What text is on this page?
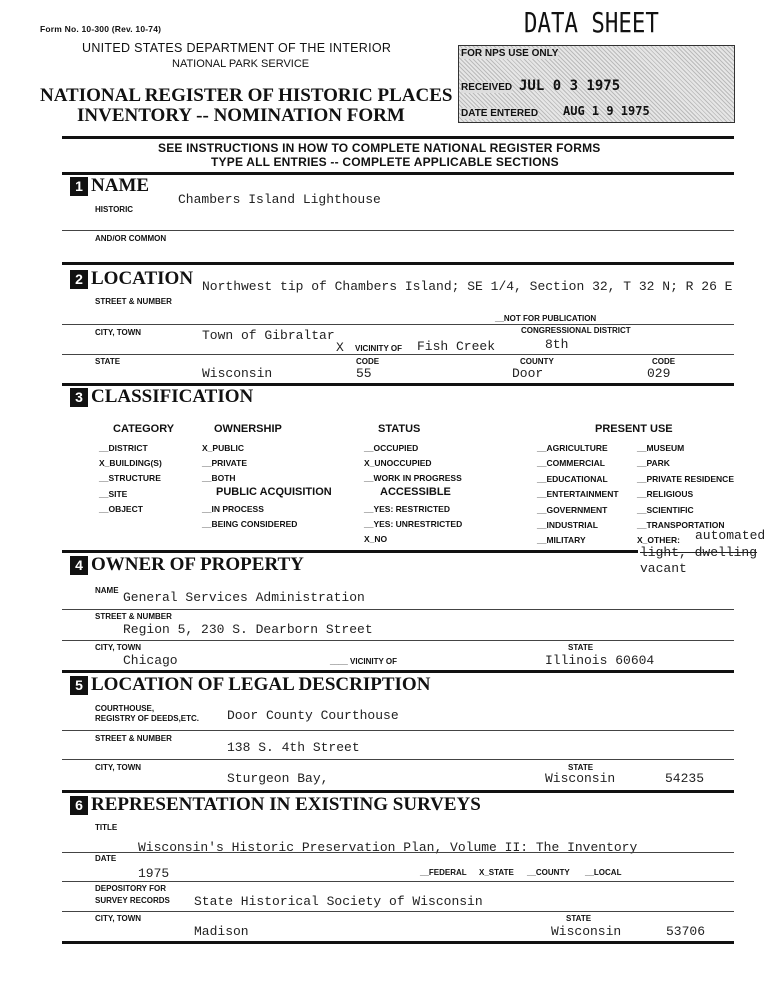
Form No. 10-300 (Rev. 10-74)
UNITED STATES DEPARTMENT OF THE INTERIOR
NATIONAL PARK SERVICE
NATIONAL REGISTER OF HISTORIC PLACES
INVENTORY -- NOMINATION FORM
DATA SHEET
FOR NPS USE ONLY
RECEIVED JUL 0 3 1975
DATE ENTERED AUG 1 9 1975
SEE INSTRUCTIONS IN HOW TO COMPLETE NATIONAL REGISTER FORMS
TYPE ALL ENTRIES -- COMPLETE APPLICABLE SECTIONS
1 NAME
HISTORIC
Chambers Island Lighthouse
AND/OR COMMON
2 LOCATION
STREET & NUMBER
Northwest tip of Chambers Island; SE 1/4, Section 32, T 32 N; R 26 E
__NOT FOR PUBLICATION
CITY, TOWN	Town of Gibraltar
X VICINITY OF Fish Creek
CONGRESSIONAL DISTRICT
8th
STATE
Wisconsin
CODE
55
COUNTY
Door
CODE
029
3 CLASSIFICATION
CATEGORY
__DISTRICT
X_BUILDING(S)
__STRUCTURE
__SITE
__OBJECT
OWNERSHIP
X_PUBLIC
__PRIVATE
__BOTH
PUBLIC ACQUISITION
__IN PROCESS
__BEING CONSIDERED
STATUS
__OCCUPIED
X_UNOCCUPIED
__WORK IN PROGRESS
ACCESSIBLE
__YES: RESTRICTED
__YES: UNRESTRICTED
X_NO
PRESENT USE
__AGRICULTURE
__COMMERCIAL
__EDUCATIONAL
__ENTERTAINMENT
__GOVERNMENT
__INDUSTRIAL
__MILITARY
__MUSEUM
__PARK
__PRIVATE RESIDENCE
__RELIGIOUS
__SCIENTIFIC
__TRANSPORTATION
X_OTHER:	automated
light, dwelling
vacant
4 OWNER OF PROPERTY
NAME General Services Administration
STREET & NUMBER
Region 5, 230 S. Dearborn Street
CITY, TOWN
Chicago	____ VICINITY OF
STATE
Illinois 60604
5 LOCATION OF LEGAL DESCRIPTION
COURTHOUSE,
REGISTRY OF DEEDS,ETC. Door County Courthouse
STREET & NUMBER
138 S. 4th Street
CITY, TOWN
Sturgeon Bay,
STATE
Wisconsin	54235
6 REPRESENTATION IN EXISTING SURVEYS
TITLE
Wisconsin's Historic Preservation Plan, Volume II: The Inventory
DATE
1975	__FEDERAL X_STATE __COUNTY __LOCAL
DEPOSITORY FOR
SURVEY RECORDS State Historical Society of Wisconsin
CITY, TOWN
Madison
STATE
Wisconsin	53706
